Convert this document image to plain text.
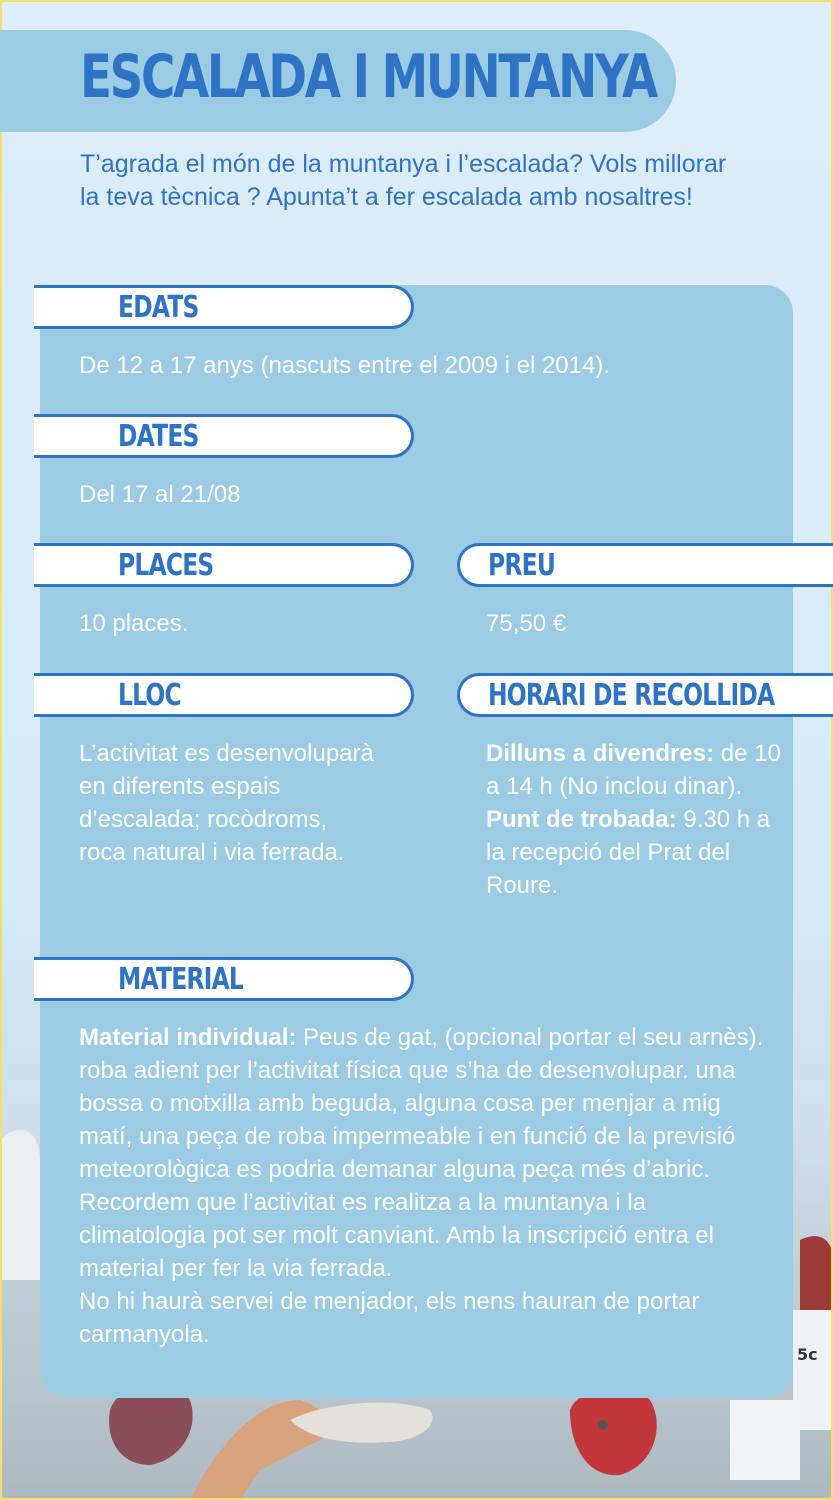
5c
ESCALADA I MUNTANYA
T’agrada el món de la muntanya i l’escalada? Vols millorar la teva tècnica ? Apunta’t a fer escalada amb nosaltres!
EDATS
De 12 a 17 anys (nascuts entre el 2009 i el 2014).
DATES
Del 17 al 21/08
PLACES
10 places.
PREU
75,50 €
LLOC
L’activitat es desenvoluparà en diferents espais d’escalada; rocòdroms, roca natural i via ferrada.
HORARI DE RECOLLIDA
Dilluns a divendres: de 10 a 14 h (No inclou dinar).
Punt de trobada: 9.30 h a la recepció del Prat del Roure.
MATERIAL
Material individual: Peus de gat, (opcional portar el seu arnès). roba adient per l’activitat física que s’ha de desenvolupar. una bossa o motxilla amb beguda, alguna cosa per menjar a mig matí, una peça de roba impermeable i en funció de la previsió meteorològica es podria demanar alguna peça més d’abric. Recordem que l’activitat es realitza a la muntanya i la climatologia pot ser molt canviant. Amb la inscripció entra el material per fer la via ferrada.
No hi haurà servei de menjador, els nens hauran de portar carmanyola.
